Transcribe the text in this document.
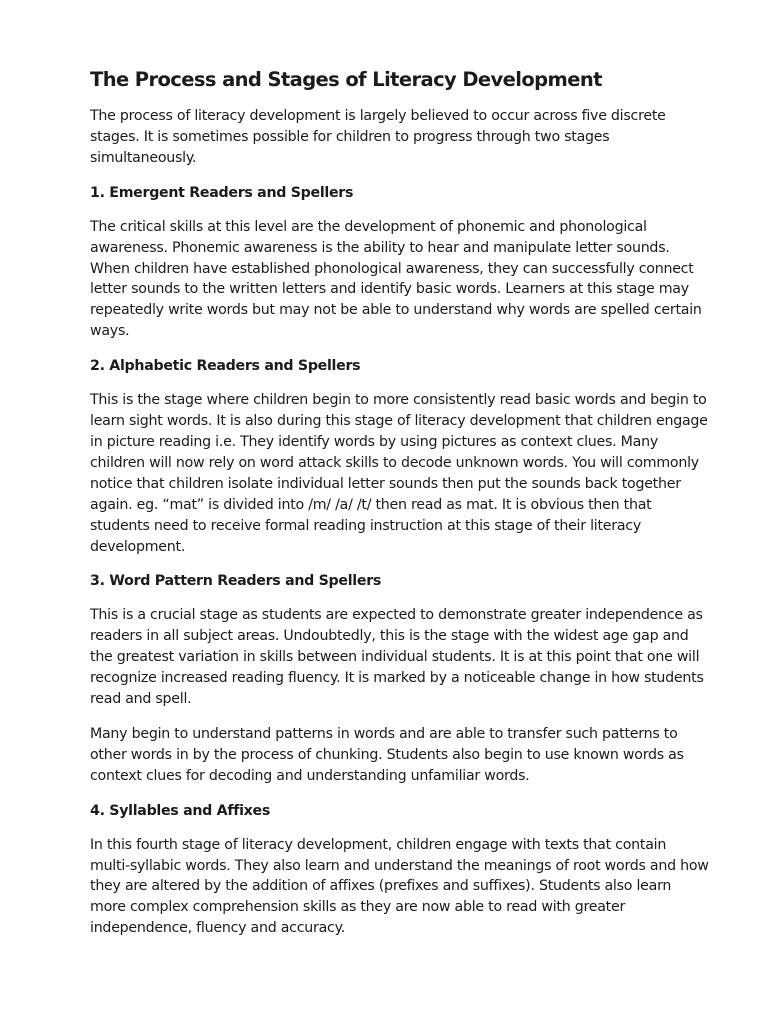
The Process and Stages of Literacy Development

The process of literacy development is largely believed to occur across five discrete stages. It is sometimes possible for children to progress through two stages simultaneously.

1. Emergent Readers and Spellers

The critical skills at this level are the development of phonemic and phonological awareness. Phonemic awareness is the ability to hear and manipulate letter sounds. When children have established phonological awareness, they can successfully connect letter sounds to the written letters and identify basic words. Learners at this stage may repeatedly write words but may not be able to understand why words are spelled certain ways.

2. Alphabetic Readers and Spellers

This is the stage where children begin to more consistently read basic words and begin to learn sight words. It is also during this stage of literacy development that children engage in picture reading i.e. They identify words by using pictures as context clues. Many children will now rely on word attack skills to decode unknown words. You will commonly notice that children isolate individual letter sounds then put the sounds back together again. eg. “mat” is divided into /m/ /a/ /t/ then read as mat. It is obvious then that students need to receive formal reading instruction at this stage of their literacy development.

3. Word Pattern Readers and Spellers

This is a crucial stage as students are expected to demonstrate greater independence as readers in all subject areas. Undoubtedly, this is the stage with the widest age gap and the greatest variation in skills between individual students. It is at this point that one will recognize increased reading fluency. It is marked by a noticeable change in how students read and spell.

Many begin to understand patterns in words and are able to transfer such patterns to other words in by the process of chunking. Students also begin to use known words as context clues for decoding and understanding unfamiliar words.

4. Syllables and Affixes

In this fourth stage of literacy development, children engage with texts that contain multi-syllabic words. They also learn and understand the meanings of root words and how they are altered by the addition of affixes (prefixes and suffixes). Students also learn more complex comprehension skills as they are now able to read with greater independence, fluency and accuracy.
